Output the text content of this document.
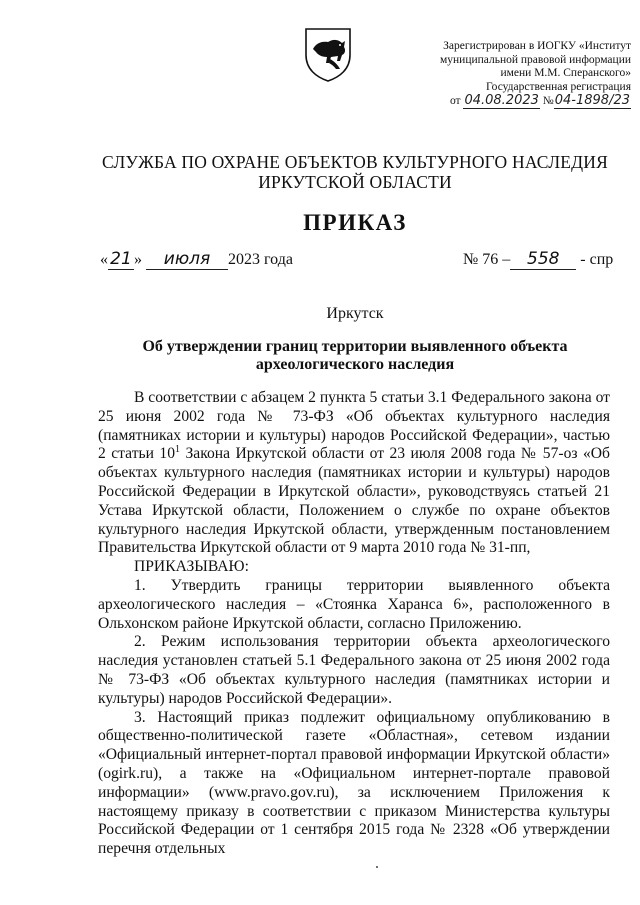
Зарегистрирован в ИОГКУ «Институт
муниципальной правовой информации
имени М.М. Сперанского»
Государственная регистрация
от 04.08.2023 №04-1898/23
СЛУЖБА ПО ОХРАНЕ ОБЪЕКТОВ КУЛЬТУРНОГО НАСЛЕДИЯ
ИРКУТСКОЙ ОБЛАСТИ
ПРИКАЗ
« 21 » июля 2023 года	№ 76 – 558 - спр
Иркутск
Об утверждении границ территории выявленного объекта
археологического наследия

В соответствии с абзацем 2 пункта 5 статьи 3.1 Федерального закона от 25 июня 2002 года № 73-ФЗ «Об объектах культурного наследия (памятниках истории и культуры) народов Российской Федерации», частью 2 статьи $10^1$ Закона Иркутской области от 23 июля 2008 года № 57-оз «Об объектах культурного наследия (памятниках истории и культуры) народов Российской Федерации в Иркутской области», руководствуясь статьей 21 Устава Иркутской области, Положением о службе по охране объектов культурного наследия Иркутской области, утвержденным постановлением Правительства Иркутской области от 9 марта 2010 года № 31-пп,

ПРИКАЗЫВАЮ:

1. Утвердить границы территории выявленного объекта археологического наследия – «Стоянка Харанса 6», расположенного в Ольхонском районе Иркутской области, согласно Приложению.

2. Режим использования территории объекта археологического наследия установлен статьей 5.1 Федерального закона от 25 июня 2002 года № 73-ФЗ «Об объектах культурного наследия (памятниках истории и культуры) народов Российской Федерации».

3. Настоящий приказ подлежит официальному опубликованию в общественно-политической газете «Областная», сетевом издании «Официальный интернет-портал правовой информации Иркутской области» (ogirk.ru), а также на «Официальном интернет-портале правовой информации» (www.pravo.gov.ru), за исключением Приложения к настоящему приказу в соответствии с приказом Министерства культуры Российской Федерации от 1 сентября 2015 года № 2328 «Об утверждении перечня отдельных
